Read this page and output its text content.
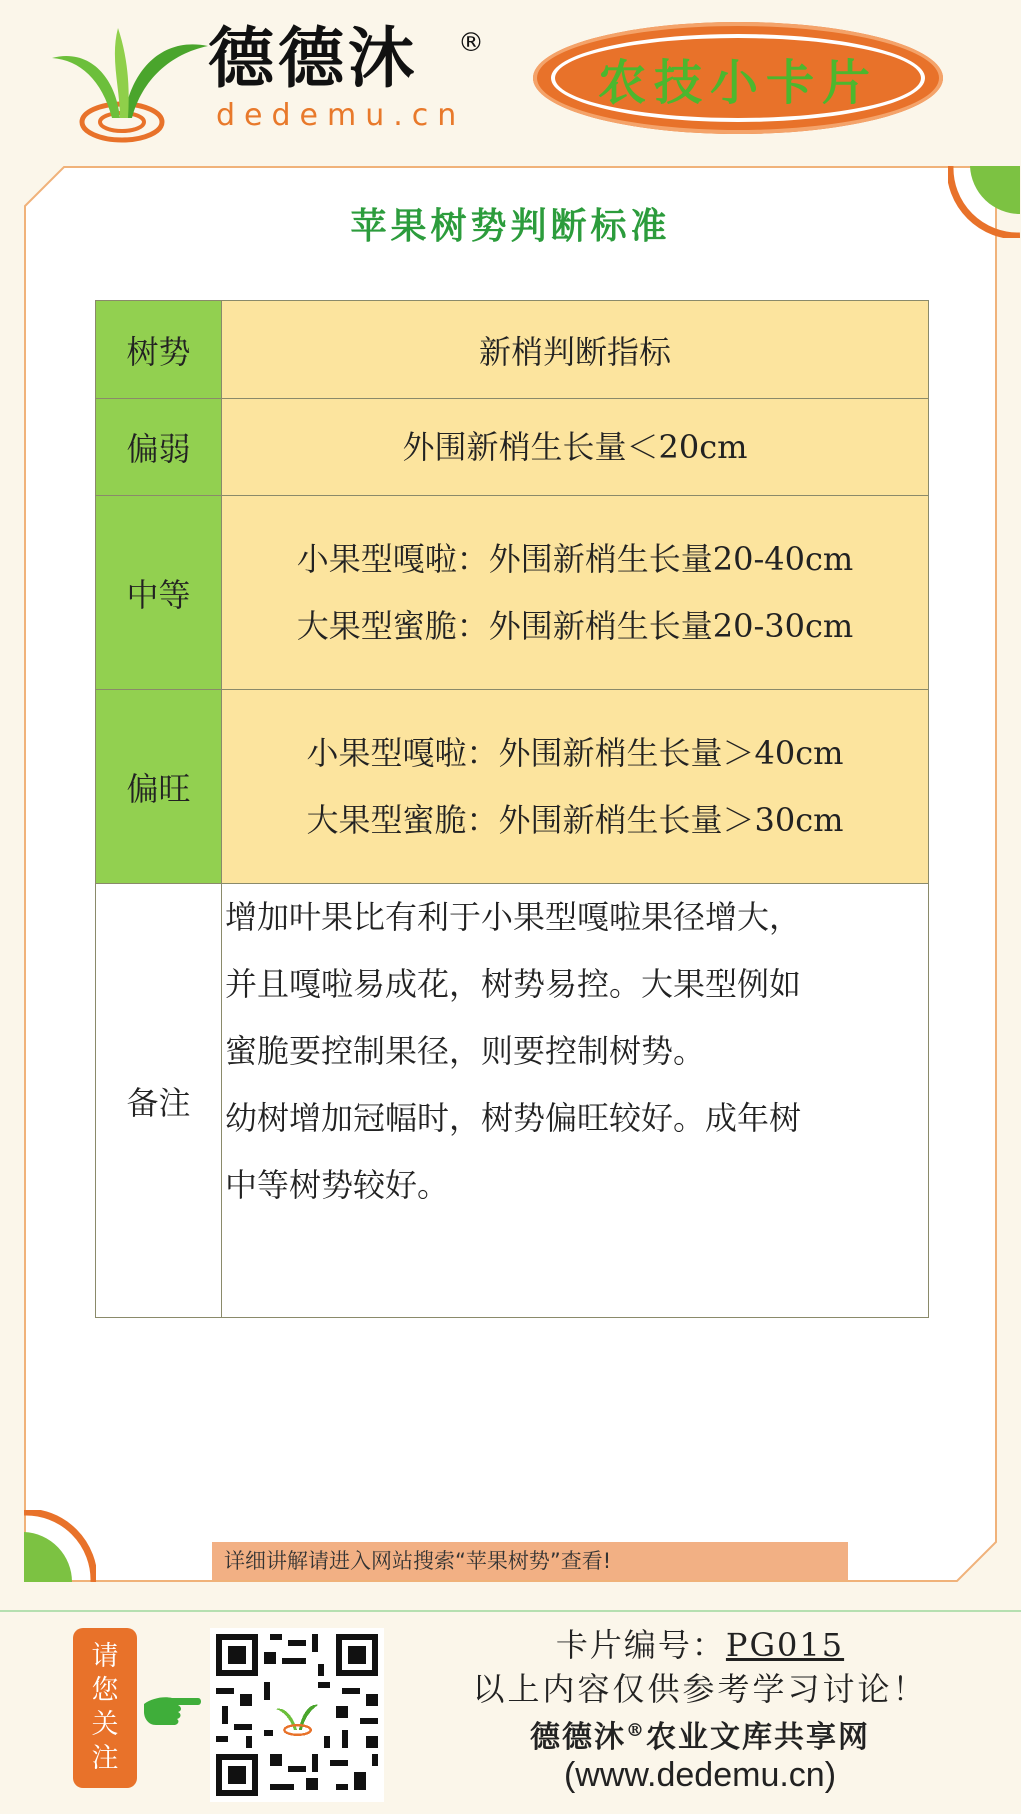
德德沐 ®
dedemu.cn
农技小卡片
苹果树势判断标准
树势	新梢判断指标
偏弱	外围新梢生长量＜20cm

中等	小果型嘎啦：外围新梢生长量20-40cm
大果型蜜脆：外围新梢生长量20-30cm

偏旺	小果型嘎啦：外围新梢生长量＞40cm
大果型蜜脆：外围新梢生长量＞30cm

备注	增加叶果比有利于小果型嘎啦果径增大，
并且嘎啦易成花，树势易控。大果型例如
蜜脆要控制果径，则要控制树势。
幼树增加冠幅时，树势偏旺较好。成年树
中等树势较好。
详细讲解请进入网站搜索“苹果树势”查看!
请
您
关
注
卡片编号：PG015
以上内容仅供参考学习讨论！
德德沐®农业文库共享网
(www.dedemu.cn)
